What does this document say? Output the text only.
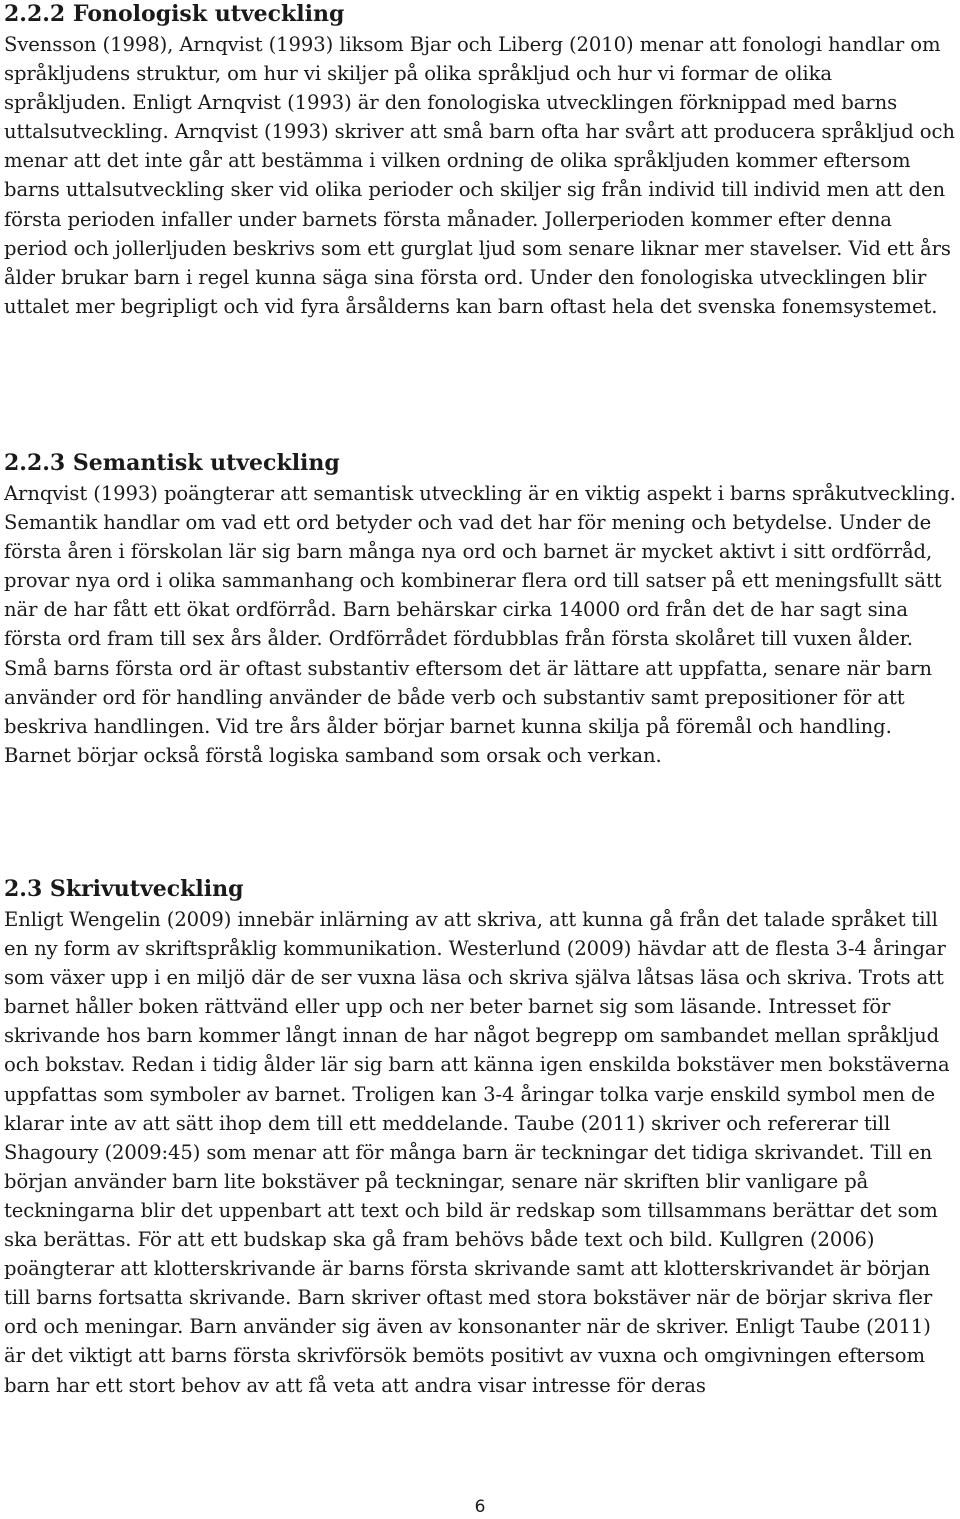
2.2.2 Fonologisk utveckling

Svensson (1998), Arnqvist (1993) liksom Bjar och Liberg (2010) menar att fonologi handlar om språkljudens struktur, om hur vi skiljer på olika språkljud och hur vi formar de olika språkljuden. Enligt Arnqvist (1993) är den fonologiska utvecklingen förknippad med barns uttalsutveckling. Arnqvist (1993) skriver att små barn ofta har svårt att producera språkljud och menar att det inte går att bestämma i vilken ordning de olika språkljuden kommer eftersom barns uttalsutveckling sker vid olika perioder och skiljer sig från individ till individ men att den första perioden infaller under barnets första månader. Jollerperioden kommer efter denna period och jollerljuden beskrivs som ett gurglat ljud som senare liknar mer stavelser. Vid ett års ålder brukar barn i regel kunna säga sina första ord. Under den fonologiska utvecklingen blir uttalet mer begripligt och vid fyra årsålderns kan barn oftast hela det svenska fonemsystemet.

2.2.3 Semantisk utveckling

Arnqvist (1993) poängterar att semantisk utveckling är en viktig aspekt i barns språkutveckling. Semantik handlar om vad ett ord betyder och vad det har för mening och betydelse. Under de första åren i förskolan lär sig barn många nya ord och barnet är mycket aktivt i sitt ordförråd, provar nya ord i olika sammanhang och kombinerar flera ord till satser på ett meningsfullt sätt när de har fått ett ökat ordförråd. Barn behärskar cirka 14000 ord från det de har sagt sina första ord fram till sex års ålder. Ordförrådet fördubblas från första skolåret till vuxen ålder. Små barns första ord är oftast substantiv eftersom det är lättare att uppfatta, senare när barn använder ord för handling använder de både verb och substantiv samt prepositioner för att beskriva handlingen. Vid tre års ålder börjar barnet kunna skilja på föremål och handling. Barnet börjar också förstå logiska samband som orsak och verkan.

2.3 Skrivutveckling

Enligt Wengelin (2009) innebär inlärning av att skriva, att kunna gå från det talade språket till en ny form av skriftspråklig kommunikation. Westerlund (2009) hävdar att de flesta 3-4 åringar som växer upp i en miljö där de ser vuxna läsa och skriva själva låtsas läsa och skriva. Trots att barnet håller boken rättvänd eller upp och ner beter barnet sig som läsande. Intresset för skrivande hos barn kommer långt innan de har något begrepp om sambandet mellan språkljud och bokstav. Redan i tidig ålder lär sig barn att känna igen enskilda bokstäver men bokstäverna uppfattas som symboler av barnet. Troligen kan 3-4 åringar tolka varje enskild symbol men de klarar inte av att sätt ihop dem till ett meddelande. Taube (2011) skriver och refererar till Shagoury (2009:45) som menar att för många barn är teckningar det tidiga skrivandet. Till en början använder barn lite bokstäver på teckningar, senare när skriften blir vanligare på teckningarna blir det uppenbart att text och bild är redskap som tillsammans berättar det som ska berättas. För att ett budskap ska gå fram behövs både text och bild. Kullgren (2006) poängterar att klotterskrivande är barns första skrivande samt att klotterskrivandet är början till barns fortsatta skrivande. Barn skriver oftast med stora bokstäver när de börjar skriva fler ord och meningar. Barn använder sig även av konsonanter när de skriver. Enligt Taube (2011) är det viktigt att barns första skrivförsök bemöts positivt av vuxna och omgivningen eftersom barn har ett stort behov av att få veta att andra visar intresse för deras

6
